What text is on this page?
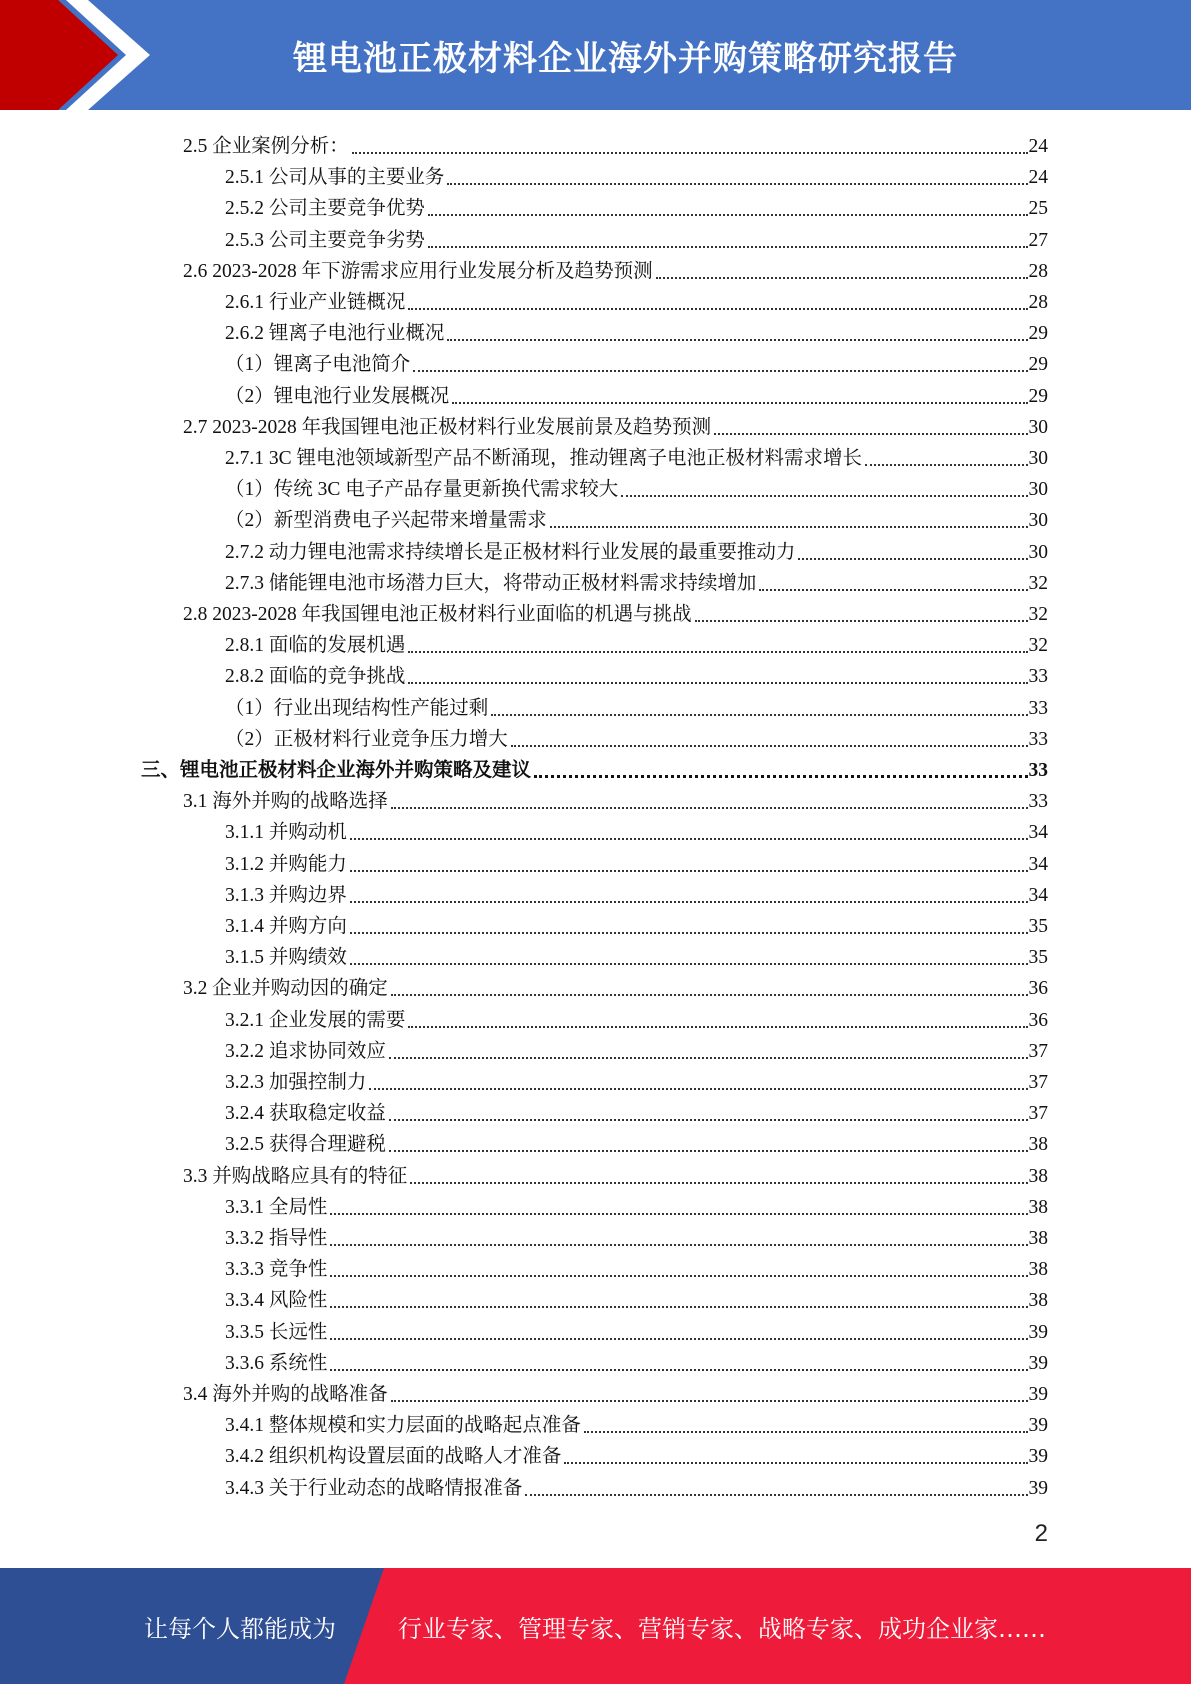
锂电池正极材料企业海外并购策略研究报告
2.5 企业案例分析：	24
2.5.1 公司从事的主要业务	24
2.5.2 公司主要竞争优势	25
2.5.3 公司主要竞争劣势	27
2.6 2023-2028 年下游需求应用行业发展分析及趋势预测	28
2.6.1 行业产业链概况	28
2.6.2 锂离子电池行业概况	29
（1）锂离子电池简介	29
（2）锂电池行业发展概况	29
2.7 2023-2028 年我国锂电池正极材料行业发展前景及趋势预测	30
2.7.1 3C 锂电池领域新型产品不断涌现，推动锂离子电池正极材料需求增长	30
（1）传统 3C 电子产品存量更新换代需求较大	30
（2）新型消费电子兴起带来增量需求	30
2.7.2 动力锂电池需求持续增长是正极材料行业发展的最重要推动力	30
2.7.3 储能锂电池市场潜力巨大，将带动正极材料需求持续增加	32
2.8 2023-2028 年我国锂电池正极材料行业面临的机遇与挑战	32
2.8.1 面临的发展机遇	32
2.8.2 面临的竞争挑战	33
（1）行业出现结构性产能过剩	33
（2）正极材料行业竞争压力增大	33
三、锂电池正极材料企业海外并购策略及建议	33
3.1 海外并购的战略选择	33
3.1.1 并购动机	34
3.1.2 并购能力	34
3.1.3 并购边界	34
3.1.4 并购方向	35
3.1.5 并购绩效	35
3.2 企业并购动因的确定	36
3.2.1 企业发展的需要	36
3.2.2 追求协同效应	37
3.2.3 加强控制力	37
3.2.4 获取稳定收益	37
3.2.5 获得合理避税	38
3.3 并购战略应具有的特征	38
3.3.1 全局性	38
3.3.2 指导性	38
3.3.3 竞争性	38
3.3.4 风险性	38
3.3.5 长远性	39
3.3.6 系统性	39
3.4 海外并购的战略准备	39
3.4.1 整体规模和实力层面的战略起点准备	39
3.4.2 组织机构设置层面的战略人才准备	39
3.4.3 关于行业动态的战略情报准备	39
2
让每个人都能成为	行业专家、管理专家、营销专家、战略专家、成功企业家……
